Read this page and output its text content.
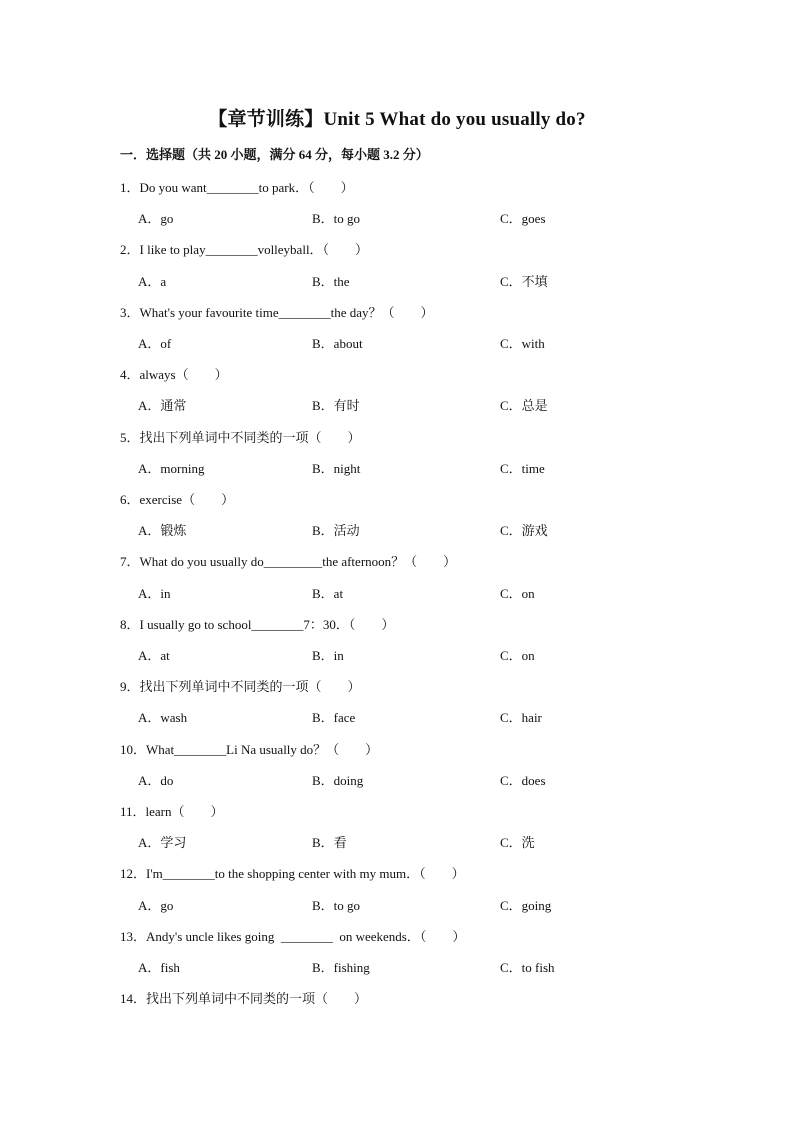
【章节训练】Unit 5 What do you usually do?
一．选择题（共 20 小题，满分 64 分，每小题 3.2 分）
1．Do you want________to park．（　　）
A．go	B．to go	C．goes
2．I like to play________volleyball．（　　）
A．a	B．the	C．不填
3．What's your favourite time________the day？（　　）
A．of	B．about	C．with
4．always（　　）
A．通常	B．有时	C．总是
5．找出下列单词中不同类的一项（　　）
A．morning	B．night	C．time
6．exercise（　　）
A．锻炼	B．活动	C．游戏
7．What do you usually do_________the afternoon？（　　）
A．in	B．at	C．on
8．I usually go to school________7：30．（　　）
A．at	B．in	C．on
9．找出下列单词中不同类的一项（　　）
A．wash	B．face	C．hair
10．What________Li Na usually do？（　　）
A．do	B．doing	C．does
11．learn（　　）
A．学习	B．看	C．洗
12．I'm________to the shopping center with my mum．（　　）
A．go	B．to go	C．going
13．Andy's uncle likes going  ________  on weekends．（　　）
A．fish	B．fishing	C．to fish
14．找出下列单词中不同类的一项（　　）
